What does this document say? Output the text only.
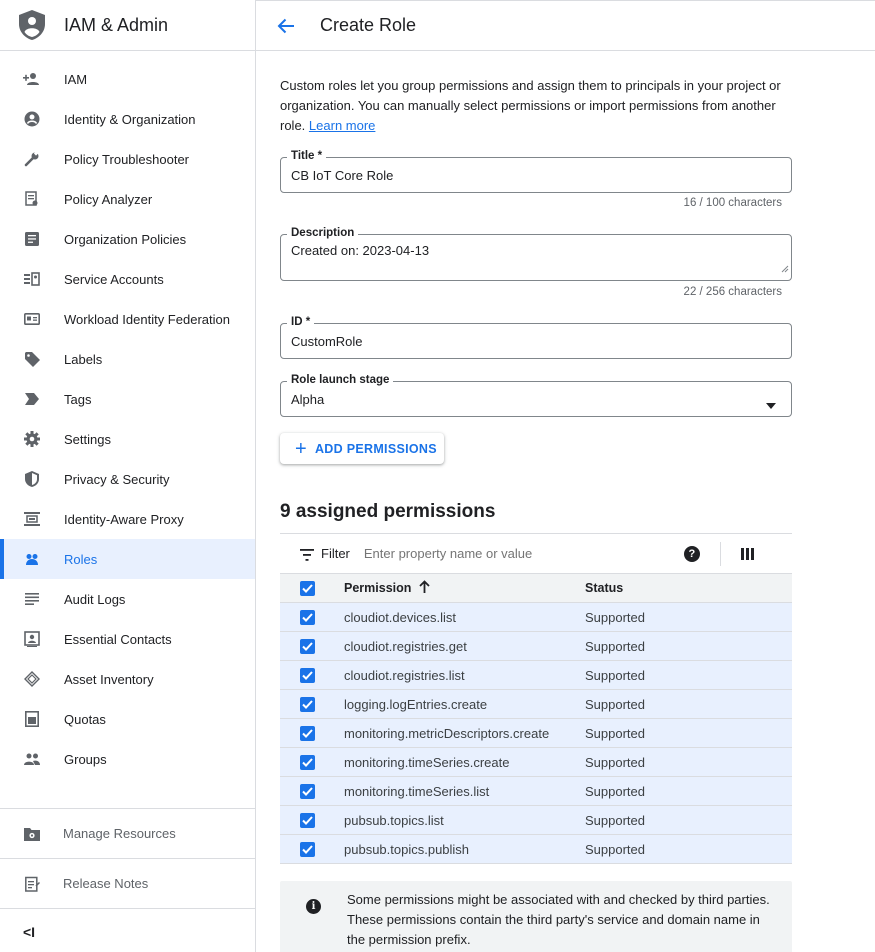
IAM & Admin
IAM
Identity & Organization
Policy Troubleshooter
Policy Analyzer
Organization Policies
Service Accounts
Workload Identity Federation
Labels
Tags
Settings
Privacy & Security
Identity-Aware Proxy
Roles
Audit Logs
Essential Contacts
Asset Inventory
Quotas
Groups
Manage Resources
Release Notes
<I
Create Role

Custom roles let you group permissions and assign them to principals in your project or organization. You can manually select permissions or import permissions from another role. Learn more

Title *
CB IoT Core Role
16 / 100 characters
Description
Created on: 2023-04-13
22 / 256 characters
ID *
CustomRole
Role launch stage
Alpha
+ ADD PERMISSIONS
9 assigned permissions
Filter
Enter property name or value	?
Permission	Status
cloudiot.devices.list	Supported
cloudiot.registries.get	Supported
cloudiot.registries.list	Supported
logging.logEntries.create	Supported
monitoring.metricDescriptors.create	Supported
monitoring.timeSeries.create	Supported
monitoring.timeSeries.list	Supported
pubsub.topics.list	Supported
pubsub.topics.publish	Supported
i	Some permissions might be associated with and checked by third parties. These permissions contain the third party's service and domain name in the permission prefix.
